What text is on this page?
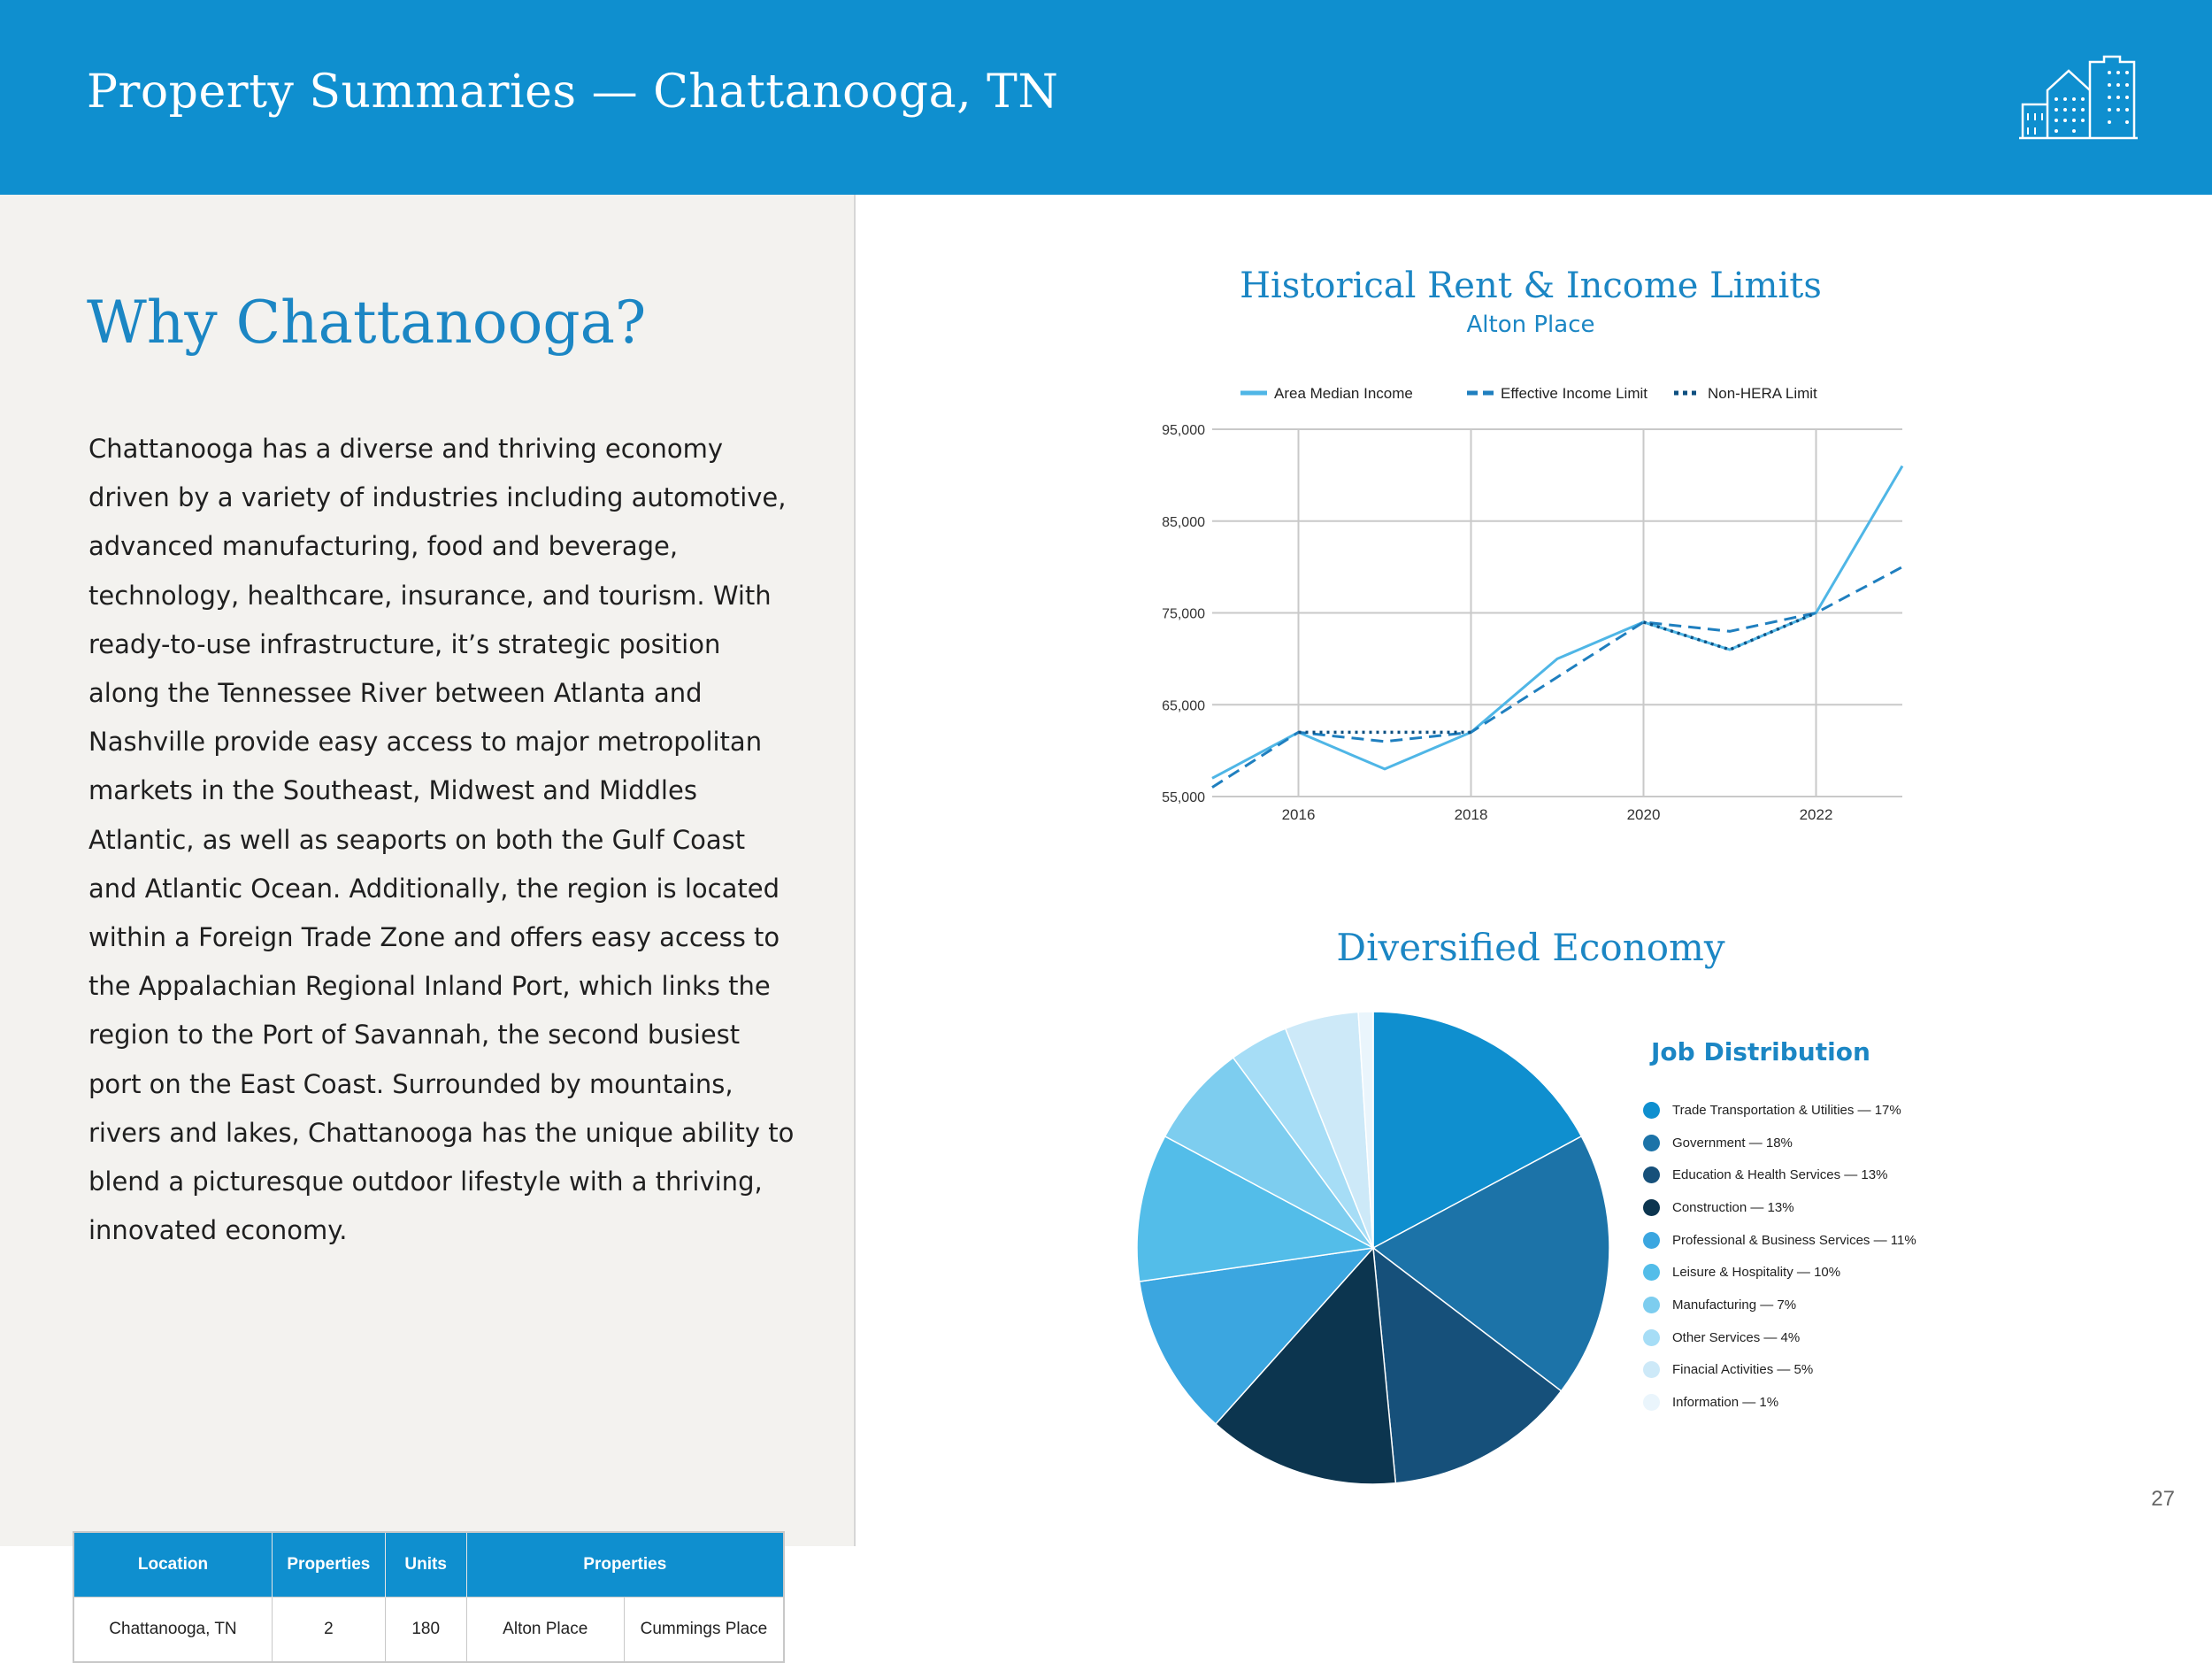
Property Summaries — Chattanooga, TN
Why Chattanooga?

Chattanooga has a diverse and thriving economy driven by a variety of industries including automotive, advanced manufacturing, food and beverage, technology, healthcare, insurance, and tourism. With ready-to-use infrastructure, it’s strategic position along the Tennessee River between Atlanta and Nashville provide easy access to major metropolitan markets in the Southeast, Midwest and Middles Atlantic, as well as seaports on both the Gulf Coast and Atlantic Ocean. Additionally, the region is located within a Foreign Trade Zone and offers easy access to the Appalachian Regional Inland Port, which links the region to the Port of Savannah, the second busiest port on the East Coast. Surrounded by mountains, rivers and lakes, Chattanooga has the unique ability to blend a picturesque outdoor lifestyle with a thriving, innovated economy.

Location	Properties	Units	Properties	
Chattanooga, TN	2	180	Alton Place	Cummings Place
Historical Rent & Income Limits
Alton Place
55,000
65,000
75,000
85,000
95,000
2016	2018	2020	2022
Area Median Income	Effective Income Limit	Non-HERA Limit
Diversified Economy
Job Distribution
Trade Transportation & Utilities — 17%
Government — 18%
Education & Health Services — 13%
Construction — 13%
Professional & Business Services — 11%
Leisure & Hospitality — 10%
Manufacturing — 7%
Other Services — 4%
Finacial Activities — 5%
Information — 1%
27
